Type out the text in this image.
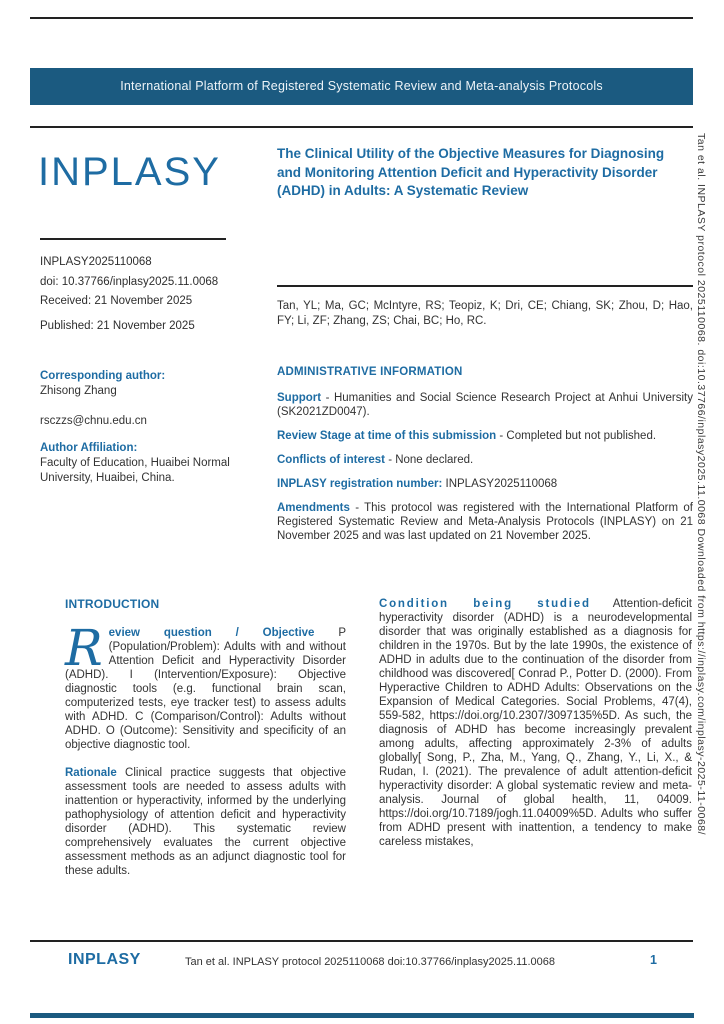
International Platform of Registered Systematic Review and Meta-analysis Protocols
INPLASY
INPLASY2025110068
doi: 10.37766/inplasy2025.11.0068
Received: 21 November 2025
Published: 21 November 2025
The Clinical Utility of the Objective Measures for Diagnosing and Monitoring Attention Deficit and Hyperactivity Disorder (ADHD) in Adults: A Systematic Review
Tan, YL; Ma, GC; McIntyre, RS; Teopiz, K; Dri, CE; Chiang, SK; Zhou, D; Hao, FY; Li, ZF; Zhang, ZS; Chai, BC; Ho, RC.
Corresponding author:
Zhisong Zhang
rsczzs@chnu.edu.cn
Author Affiliation:
Faculty of Education, Huaibei Normal University, Huaibei, China.
ADMINISTRATIVE INFORMATION

Support - Humanities and Social Science Research Project at Anhui University (SK2021ZD0047).

Review Stage at time of this submission - Completed but not published.

Conflicts of interest - None declared.

INPLASY registration number: INPLASY2025110068

Amendments - This protocol was registered with the International Platform of Registered Systematic Review and Meta-Analysis Protocols (INPLASY) on 21 November 2025 and was last updated on 21 November 2025.

INTRODUCTION

Review question / Objective P (Population/Problem): Adults with and without Attention Deficit and Hyperactivity Disorder (ADHD). I (Intervention/Exposure): Objective diagnostic tools (e.g. functional brain scan, computerized tests, eye tracker test) to assess adults with ADHD. C (Comparison/Control): Adults without ADHD. O (Outcome): Sensitivity and specificity of an objective diagnostic tool.

Rationale Clinical practice suggests that objective assessment tools are needed to assess adults with inattention or hyperactivity, informed by the underlying pathophysiology of attention deficit and hyperactivity disorder (ADHD). This systematic review comprehensively evaluates the current objective assessment methods as an adjunct diagnostic tool for these adults.

Condition being studied Attention-deficit hyperactivity disorder (ADHD) is a neurodevelopmental disorder that was originally established as a diagnosis for children in the 1970s. But by the late 1990s, the existence of ADHD in adults due to the continuation of the disorder from childhood was discovered[ Conrad P., Potter D. (2000). From Hyperactive Children to ADHD Adults: Observations on the Expansion of Medical Categories. Social Problems, 47(4), 559-582, https://doi.org/10.2307/3097135%5D. As such, the diagnosis of ADHD has become increasingly prevalent among adults, affecting approximately 2-3% of adults globally[ Song, P., Zha, M., Yang, Q., Zhang, Y., Li, X., & Rudan, I. (2021). The prevalence of adult attention-deficit hyperactivity disorder: A global systematic review and meta-analysis. Journal of global health, 11, 04009. https://doi.org/10.7189/jogh.11.04009%5D. Adults who suffer from ADHD present with inattention, a tendency to make careless mistakes,

INPLASY	Tan et al. INPLASY protocol 2025110068 doi:10.37766/inplasy2025.11.0068	1
Tan et al. INPLASY protocol 2025110068. doi:10.37766/inplasy2025.11.0068 Downloaded from https://inplasy.com/inplasy-2025-11-0068/
